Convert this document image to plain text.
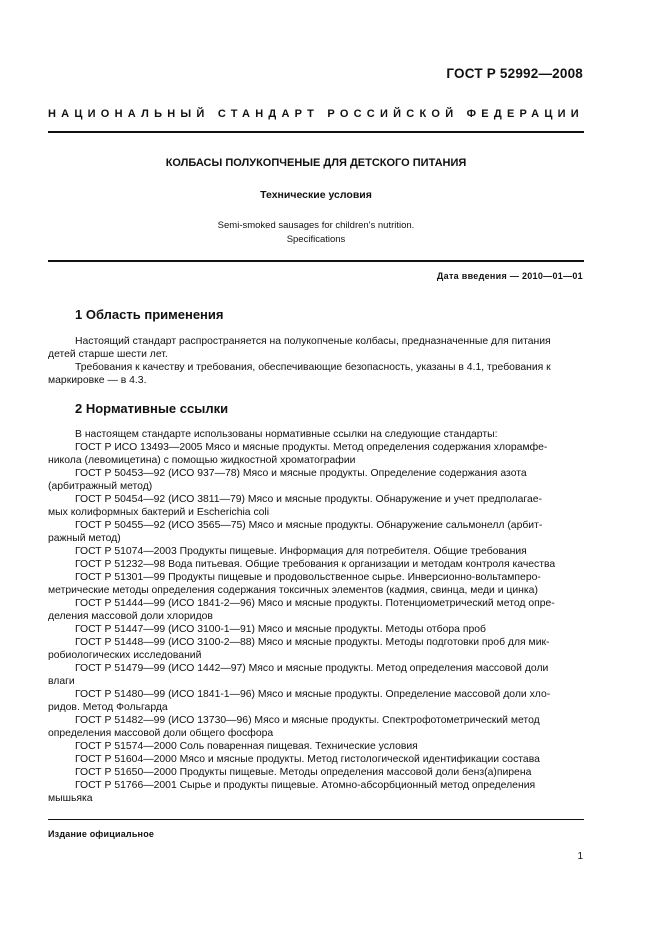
ГОСТ Р 52992—2008
НАЦИОНАЛЬНЫЙ СТАНДАРТ РОССИЙСКОЙ ФЕДЕРАЦИИ
КОЛБАСЫ ПОЛУКОПЧЕНЫЕ ДЛЯ ДЕТСКОГО ПИТАНИЯ
Технические условия
Semi-smoked sausages for children's nutrition.
Specifications
Дата введения — 2010—01—01
1 Область применения
Настоящий стандарт распространяется на полукопченые колбасы, предназначенные для питания
детей старше шести лет.
Требования к качеству и требования, обеспечивающие безопасность, указаны в 4.1, требования к
маркировке — в 4.3.
2 Нормативные ссылки
В настоящем стандарте использованы нормативные ссылки на следующие стандарты:
ГОСТ Р ИСО 13493—2005 Мясо и мясные продукты. Метод определения содержания хлорамфе-
никола (левомицетина) с помощью жидкостной хроматографии
ГОСТ Р 50453—92 (ИСО 937—78) Мясо и мясные продукты. Определение содержания азота
(арбитражный метод)
ГОСТ Р 50454—92 (ИСО 3811—79) Мясо и мясные продукты. Обнаружение и учет предполагае-
мых колиформных бактерий и Escherichia coli
ГОСТ Р 50455—92 (ИСО 3565—75) Мясо и мясные продукты. Обнаружение сальмонелл (арбит-
ражный метод)
ГОСТ Р 51074—2003 Продукты пищевые. Информация для потребителя. Общие требования
ГОСТ Р 51232—98 Вода питьевая. Общие требования к организации и методам контроля качества
ГОСТ Р 51301—99 Продукты пищевые и продовольственное сырье. Инверсионно-вольтамперо-
метрические методы определения содержания токсичных элементов (кадмия, свинца, меди и цинка)
ГОСТ Р 51444—99 (ИСО 1841-2—96) Мясо и мясные продукты. Потенциометрический метод опре-
деления массовой доли хлоридов
ГОСТ Р 51447—99 (ИСО 3100-1—91) Мясо и мясные продукты. Методы отбора проб
ГОСТ Р 51448—99 (ИСО 3100-2—88) Мясо и мясные продукты. Методы подготовки проб для мик-
робиологических исследований
ГОСТ Р 51479—99 (ИСО 1442—97) Мясо и мясные продукты. Метод определения массовой доли
влаги
ГОСТ Р 51480—99 (ИСО 1841-1—96) Мясо и мясные продукты. Определение массовой доли хло-
ридов. Метод Фольгарда
ГОСТ Р 51482—99 (ИСО 13730—96) Мясо и мясные продукты. Спектрофотометрический метод
определения массовой доли общего фосфора
ГОСТ Р 51574—2000 Соль поваренная пищевая. Технические условия
ГОСТ Р 51604—2000 Мясо и мясные продукты. Метод гистологической идентификации состава
ГОСТ Р 51650—2000 Продукты пищевые. Методы определения массовой доли бенз(а)пирена
ГОСТ Р 51766—2001 Сырье и продукты пищевые. Атомно-абсорбционный метод определения
мышьяка
Издание официальное
1
